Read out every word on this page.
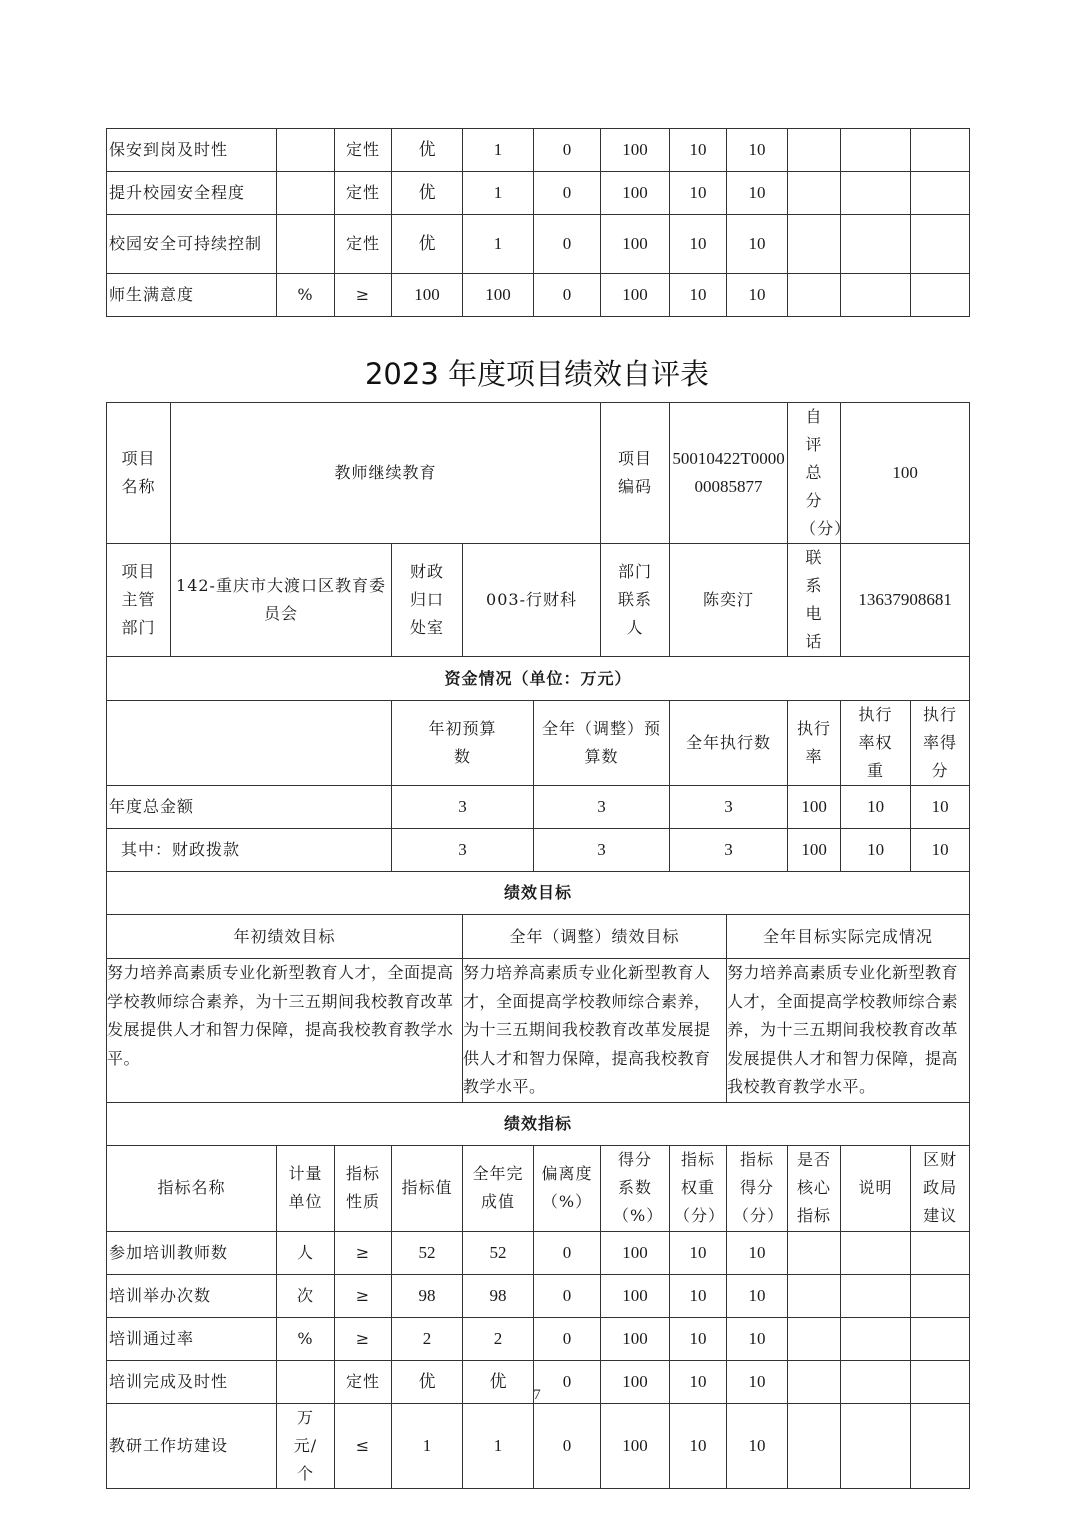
保安到岗及时性		定性	优	1	0	100	10	10			
提升校园安全程度		定性	优	1	0	100	10	10			
校园安全可持续控制		定性	优	1	0	100	10	10			
师生满意度	%	≥	100	100	0	100	10	10			
2023 年度项目绩效自评表
项目名称	教师继续教育						项目编码	50010422T000000085877		自评总分（分）	100	
项目主管部门	142-重庆市大渡口区教育委员会			财政归口处室	003-行财科		部门联系人	陈奕汀		联系电话	13637908681	
资金情况（单位：万元）												
				年初预算数		全年（调整）预算数		全年执行数		执行率	执行率权重	执行率得分
年度总金额				3		3		3		100	10	10
其中：财政拨款				3		3		3		100	10	10
绩效目标												
年初绩效目标					全年（调整）绩效目标				全年目标实际完成情况			
努力培养高素质专业化新型教育人才，全面提高学校教师综合素养，为十三五期间我校教育改革发展提供人才和智力保障，提高我校教育教学水平。					努力培养高素质专业化新型教育人才，全面提高学校教师综合素养，为十三五期间我校教育改革发展提供人才和智力保障，提高我校教育教学水平。				努力培养高素质专业化新型教育人才，全面提高学校教师综合素养，为十三五期间我校教育改革发展提供人才和智力保障，提高我校教育教学水平。			
绩效指标												
指标名称		计量单位	指标性质	指标值	全年完成值	偏离度（%）	得分系数（%）	指标权重（分）	指标得分（分）	是否核心指标	说明	区财政局建议
参加培训教师数		人	≥	52	52	0	100	10	10			
培训举办次数		次	≥	98	98	0	100	10	10			
培训通过率		%	≥	2	2	0	100	10	10			
培训完成及时性			定性	优	优	0	100	10	10			
教研工作坊建设		万元/个	≤	1	1	0	100	10	10			
7
